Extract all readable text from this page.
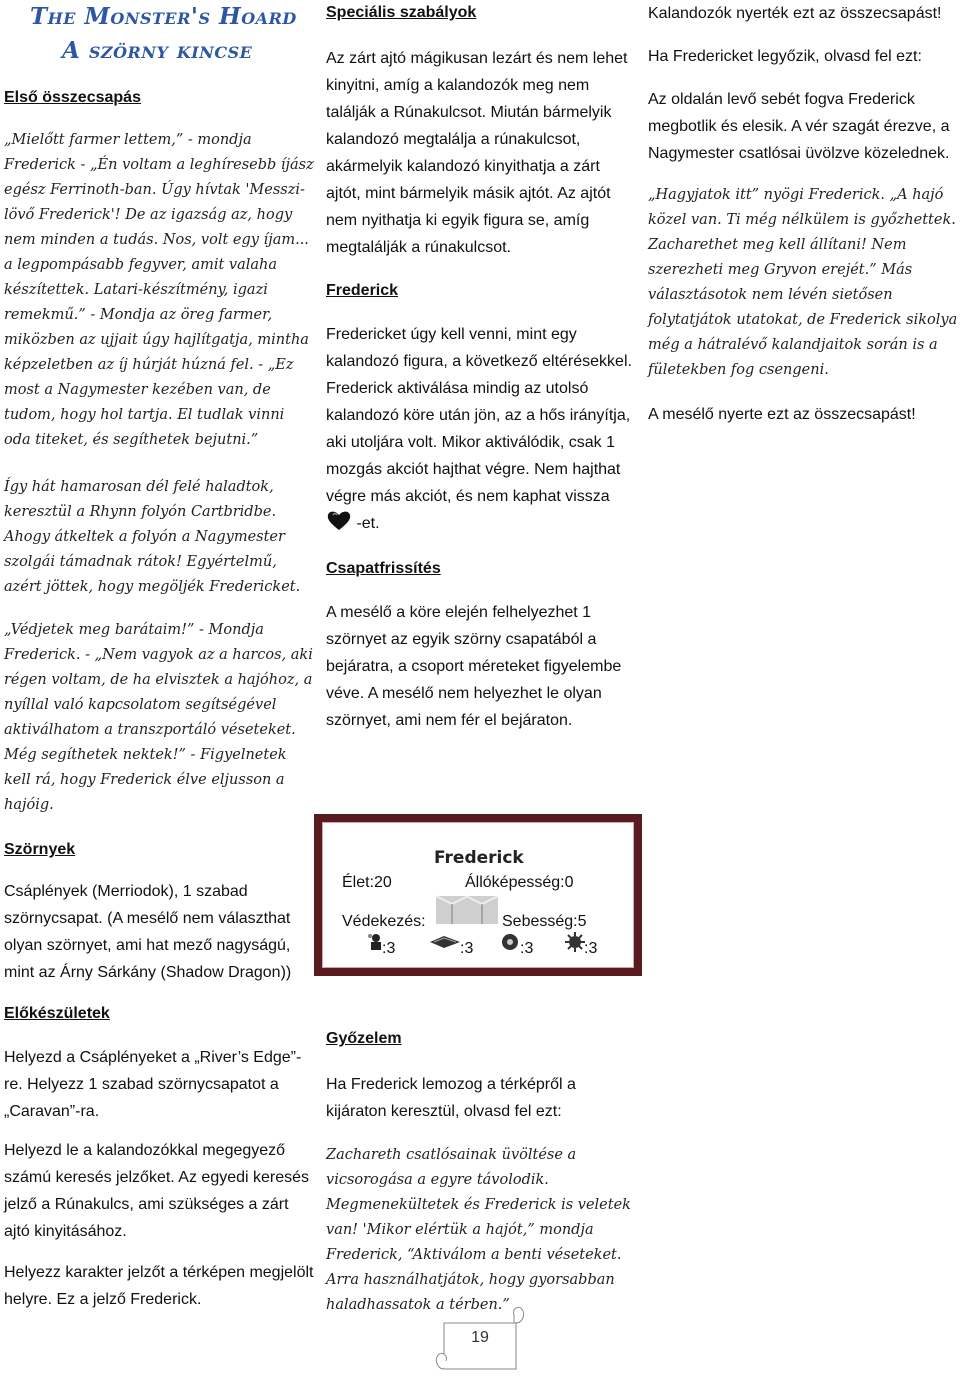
The Monster's Hoard
A szörny kincse
Első összecsapás

„Mielőtt farmer lettem,” - mondja Frederick - „Én voltam a leghíresebb íjász egész Ferrinoth-ban. Úgy hívtak 'Messzi-lövő Frederick'! De az igazság az, hogy nem minden a tudás. Nos, volt egy íjam... a legpompásabb fegyver, amit valaha készítettek. Latari-készítmény, igazi remekmű.” - Mondja az öreg farmer, miközben az ujjait úgy hajlítgatja, mintha képzeletben az íj húrját húzná fel. - „Ez most a Nagymester kezében van, de tudom, hogy hol tartja. El tudlak vinni oda titeket, és segíthetek bejutni.”

Így hát hamarosan dél felé haladtok, keresztül a Rhynn folyón Cartbridbe. Ahogy átkeltek a folyón a Nagymester szolgái támadnak rátok! Egyértelmű, azért jöttek, hogy megöljék Fredericket.

„Védjetek meg barátaim!” - Mondja Frederick. - „Nem vagyok az a harcos, aki régen voltam, de ha elvisztek a hajóhoz, a nyíllal való kapcsolatom segítségével aktiválhatom a transzportáló véseteket. Még segíthetek nektek!” - Figyelnetek kell rá, hogy Frederick élve eljusson a hajóig.

Szörnyek

Csáplények (Merriodok), 1 szabad szörnycsapat. (A mesélő nem választhat olyan szörnyet, ami hat mező nagyságú, mint az Árny Sárkány (Shadow Dragon))

Előkészületek

Helyezd a Csáplényeket a „River’s Edge”-re. Helyezz 1 szabad szörnycsapatot a „Caravan”-ra.

Helyezd le a kalandozókkal megegyező számú keresés jelzőket. Az egyedi keresés jelző a Rúnakulcs, ami szükséges a zárt ajtó kinyitásához.

Helyezz karakter jelzőt a térképen megjelölt helyre. Ez a jelző Frederick.

Speciális szabályok

Az zárt ajtó mágikusan lezárt és nem lehet kinyitni, amíg a kalandozók meg nem találják a Rúnakulcsot. Miután bármelyik kalandozó megtalálja a rúnakulcsot, akármelyik kalandozó kinyithatja a zárt ajtót, mint bármelyik másik ajtót. Az ajtót nem nyithatja ki egyik figura se, amíg megtalálják a rúnakulcsot.

Frederick

Fredericket úgy kell venni, mint egy kalandozó figura, a következő eltérésekkel. Frederick aktiválása mindig az utolsó kalandozó köre után jön, az a hős irányítja, aki utoljára volt. Mikor aktiválódik, csak 1 mozgás akciót hajthat végre. Nem hajthat végre más akciót, és nem kaphat vissza  -et.

Csapatfrissítés

A mesélő a köre elején felhelyezhet 1 szörnyet az egyik szörny csapatából a bejáratra, a csoport méreteket figyelembe véve. A mesélő nem helyezhet le olyan szörnyet, ami nem fér el bejáraton.

Frederick
Élet:20	Állóképesség:0
Védekezés:	Sebesség:5
:3	:3	:3	:3
Győzelem

Ha Frederick lemozog a térképről a kijáraton keresztül, olvasd fel ezt:

Zachareth csatlósainak üvöltése a vicsorogása a egyre távolodik. Megmenekültetek és Frederick is veletek van! 'Mikor elértük a hajót,” mondja Frederick, “Aktiválom a benti véseteket. Arra használhatjátok, hogy gyorsabban haladhassatok a térben.”

Kalandozók nyerték ezt az összecsapást!

Ha Fredericket legyőzik, olvasd fel ezt:

Az oldalán levő sebét fogva Frederick megbotlik és elesik. A vér szagát érezve, a Nagymester csatlósai üvölzve közelednek.

„Hagyjatok itt” nyögi Frederick. „A hajó közel van. Ti még nélkülem is győzhettek. Zacharethet meg kell állítani! Nem szerezheti meg Gryvon erejét.” Más választásotok nem lévén sietősen folytatjátok utatokat, de Frederick sikolya még a hátralévő kalandjaitok során is a fületekben fog csengeni.

A mesélő nyerte ezt az összecsapást!

19
